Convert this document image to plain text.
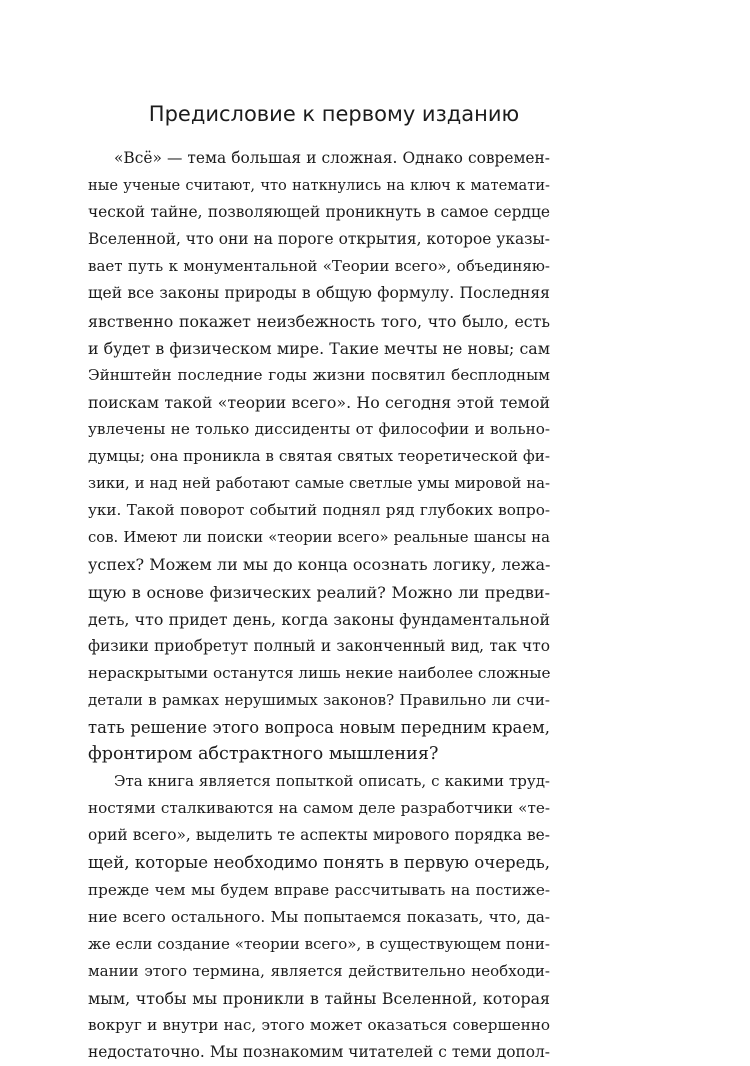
Предисловие к первому изданию
«Всё» — тема большая и сложная. Однако современ-
ные ученые считают, что наткнулись на ключ к математи-
ческой тайне, позволяющей проникнуть в самое сердце
Вселенной, что они на пороге открытия, которое указы-
вает путь к монументальной «Теории всего», объединяю-
щей все законы природы в общую формулу. Последняя
явственно покажет неизбежность того, что было, есть
и будет в физическом мире. Такие мечты не новы; сам
Эйнштейн последние годы жизни посвятил бесплодным
поискам такой «теории всего». Но сегодня этой темой
увлечены не только диссиденты от философии и вольно-
думцы; она проникла в святая святых теоретической фи-
зики, и над ней работают самые светлые умы мировой на-
уки. Такой поворот событий поднял ряд глубоких вопро-
сов. Имеют ли поиски «теории всего» реальные шансы на
успех? Можем ли мы до конца осознать логику, лежа-
щую в основе физических реалий? Можно ли предви-
деть, что придет день, когда законы фундаментальной
физики приобретут полный и законченный вид, так что
нераскрытыми останутся лишь некие наиболее сложные
детали в рамках нерушимых законов? Правильно ли счи-
тать решение этого вопроса новым передним краем,
фронтиром абстрактного мышления?
Эта книга является попыткой описать, с какими труд-
ностями сталкиваются на самом деле разработчики «те-
орий всего», выделить те аспекты мирового порядка ве-
щей, которые необходимо понять в первую очередь,
прежде чем мы будем вправе рассчитывать на постиже-
ние всего остального. Мы попытаемся показать, что, да-
же если создание «теории всего», в существующем пони-
мании этого термина, является действительно необходи-
мым, чтобы мы проникли в тайны Вселенной, которая
вокруг и внутри нас, этого может оказаться совершенно
недостаточно. Мы познакомим читателей с теми допол-
